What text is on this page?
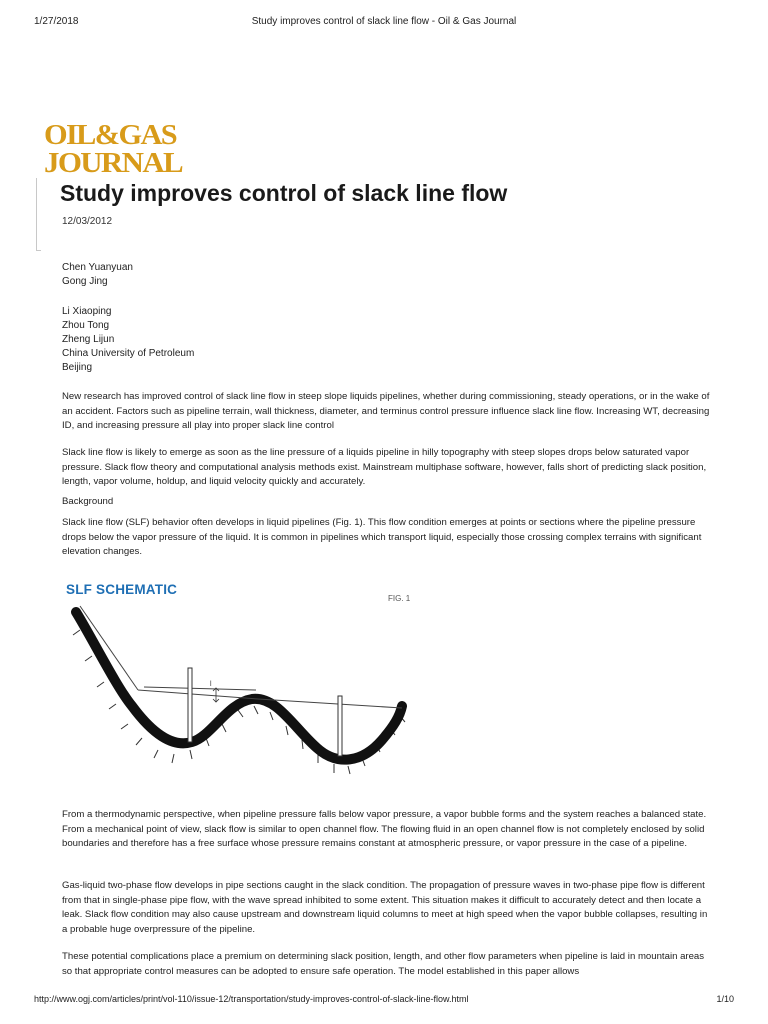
1/27/2018	Study improves control of slack line flow - Oil & Gas Journal
OIL&GAS
JOURNAL
Study improves control of slack line flow
12/03/2012
Chen Yuanyuan
Gong Jing
Li Xiaoping
Zhou Tong
Zheng Lijun
China University of Petroleum
Beijing

New research has improved control of slack line flow in steep slope liquids pipelines, whether during commissioning, steady operations, or in the wake of an accident. Factors such as pipeline terrain, wall thickness, diameter, and terminus control pressure influence slack line flow. Increasing WT, decreasing ID, and increasing pressure all play into proper slack line control

Slack line flow is likely to emerge as soon as the line pressure of a liquids pipeline in hilly topography with steep slopes drops below saturated vapor pressure. Slack flow theory and computational analysis methods exist. Mainstream multiphase software, however, falls short of predicting slack position, length, vapor volume, holdup, and liquid velocity quickly and accurately.

Background

Slack line flow (SLF) behavior often develops in liquid pipelines (Fig. 1). This flow condition emerges at points or sections where the pipeline pressure drops below the vapor pressure of the liquid. It is common in pipelines which transport liquid, especially those crossing complex terrains with significant elevation changes.

l
SLF SCHEMATIC
FIG. 1

From a thermodynamic perspective, when pipeline pressure falls below vapor pressure, a vapor bubble forms and the system reaches a balanced state. From a mechanical point of view, slack flow is similar to open channel flow. The flowing fluid in an open channel flow is not completely enclosed by solid boundaries and therefore has a free surface whose pressure remains constant at atmospheric pressure, or vapor pressure in the case of a pipeline.

Gas-liquid two-phase flow develops in pipe sections caught in the slack condition. The propagation of pressure waves in two-phase pipe flow is different from that in single-phase pipe flow, with the wave spread inhibited to some extent. This situation makes it difficult to accurately detect and then locate a leak. Slack flow condition may also cause upstream and downstream liquid columns to meet at high speed when the vapor bubble collapses, resulting in a probable huge overpressure of the pipeline.

These potential complications place a premium on determining slack position, length, and other flow parameters when pipeline is laid in mountain areas so that appropriate control measures can be adopted to ensure safe operation. The model established in this paper allows

http://www.ogj.com/articles/print/vol-110/issue-12/transportation/study-improves-control-of-slack-line-flow.html	1/10
